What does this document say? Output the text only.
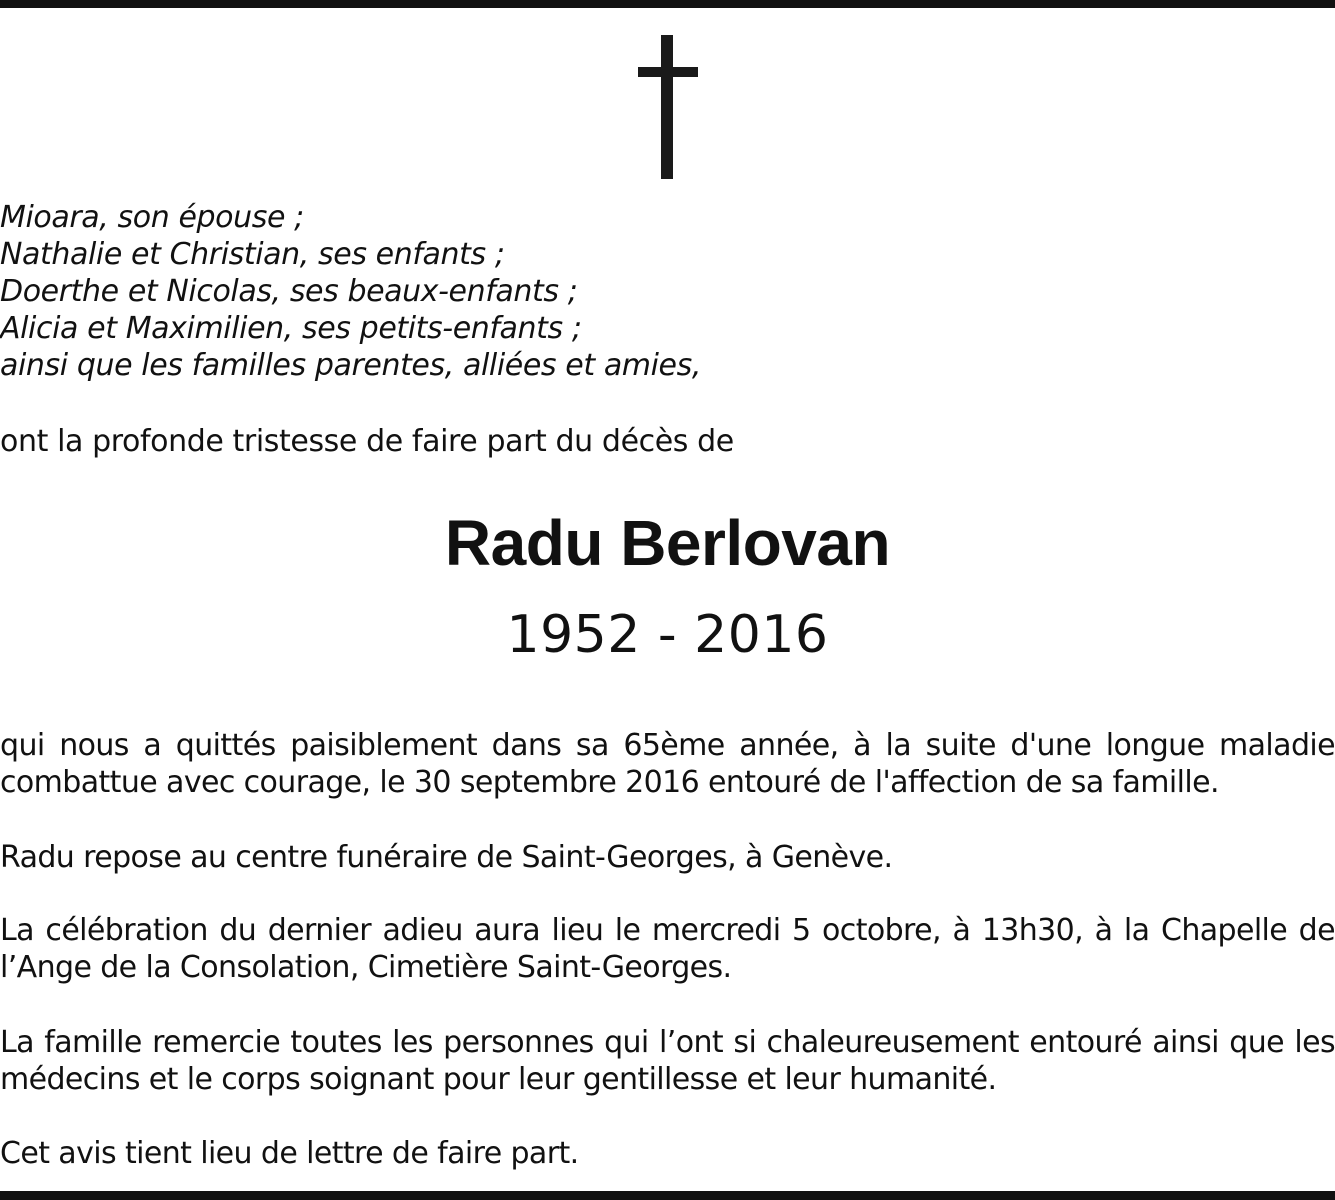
Mioara, son épouse ;
Nathalie et Christian, ses enfants ;
Doerthe et Nicolas, ses beaux-enfants ;
Alicia et Maximilien, ses petits-enfants ;
ainsi que les familles parentes, alliées et amies,
ont la profonde tristesse de faire part du décès de
Radu Berlovan
1952 - 2016

qui nous a quittés paisiblement dans sa 65ème année, à la suite d'une longue maladie combattue avec courage, le 30 septembre 2016 entouré de l'affection de sa famille.

Radu repose au centre funéraire de Saint-Georges, à Genève.

La célébration du dernier adieu aura lieu le mercredi 5 octobre, à 13h30, à la Chapelle de l’Ange de la Consolation, Cimetière Saint-Georges.

La famille remercie toutes les personnes qui l’ont si chaleureusement entouré ainsi que les médecins et le corps soignant pour leur gentillesse et leur humanité.

Cet avis tient lieu de lettre de faire part.
